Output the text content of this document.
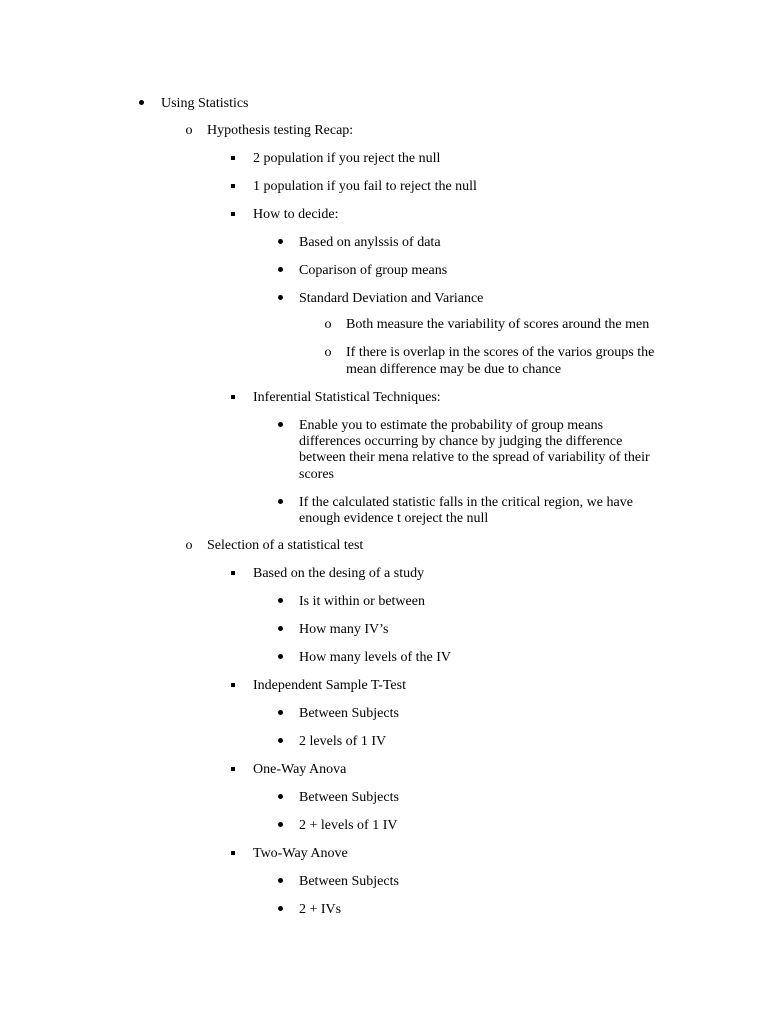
Using Statistics
o Hypothesis testing Recap:
2 population if you reject the null
1 population if you fail to reject the null
How to decide:
Based on anylssis of data
Coparison of group means
Standard Deviation and Variance
o Both measure the variability of scores around the men
o If there is overlap in the scores of the varios groups the
mean difference may be due to chance
Inferential Statistical Techniques:
Enable you to estimate the probability of group means
differences occurring by chance by judging the difference
between their mena relative to the spread of variability of their
scores
If the calculated statistic falls in the critical region, we have
enough evidence t oreject the null
o Selection of a statistical test
Based on the desing of a study
Is it within or between
How many IV’s
How many levels of the IV
Independent Sample T-Test
Between Subjects
2 levels of 1 IV
One-Way Anova
Between Subjects
2 + levels of 1 IV
Two-Way Anove
Between Subjects
2 + IVs
